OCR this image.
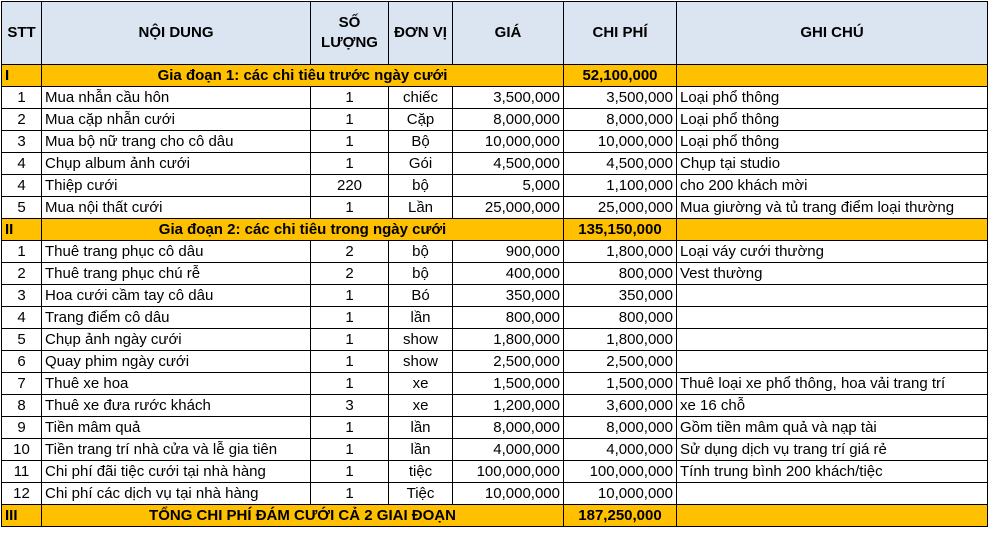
STT	NỘI DUNG	SỐ LƯỢNG	ĐƠN VỊ	GIÁ	CHI PHÍ	GHI CHÚ
I	Gia đoạn 1: các chi tiêu trước ngày cưới				52,100,000	
1	Mua nhẫn cầu hôn	1	chiếc	3,500,000	3,500,000	Loại phổ thông
2	Mua cặp nhẫn cưới	1	Cặp	8,000,000	8,000,000	Loại phổ thông
3	Mua bộ nữ trang cho cô dâu	1	Bộ	10,000,000	10,000,000	Loại phổ thông
4	Chụp album ảnh cưới	1	Gói	4,500,000	4,500,000	Chụp tại studio
4	Thiệp cưới	220	bộ	5,000	1,100,000	cho 200 khách mời
5	Mua nội thất cưới	1	Lần	25,000,000	25,000,000	Mua giường và tủ trang điểm loại thường
II	Gia đoạn 2: các chi tiêu trong ngày cưới				135,150,000	
1	Thuê trang phục cô dâu	2	bộ	900,000	1,800,000	Loại váy cưới thường
2	Thuê trang phục chú rễ	2	bộ	400,000	800,000	Vest thường
3	Hoa cưới cầm tay cô dâu	1	Bó	350,000	350,000	
4	Trang điểm cô dâu	1	lần	800,000	800,000	
5	Chụp ảnh ngày cưới	1	show	1,800,000	1,800,000	
6	Quay phim ngày cưới	1	show	2,500,000	2,500,000	
7	Thuê xe hoa	1	xe	1,500,000	1,500,000	Thuê loại xe phổ thông, hoa vải trang trí
8	Thuê xe đưa rước khách	3	xe	1,200,000	3,600,000	xe 16 chỗ
9	Tiền mâm quả	1	lần	8,000,000	8,000,000	Gồm tiền mâm quả và nạp tài
10	Tiền trang trí nhà cửa và lễ gia tiên	1	lần	4,000,000	4,000,000	Sử dụng dịch vụ trang trí giá rẻ
11	Chi phí đãi tiệc cưới tại nhà hàng	1	tiệc	100,000,000	100,000,000	Tính trung bình 200 khách/tiệc
12	Chi phí các dịch vụ tại nhà hàng	1	Tiệc	10,000,000	10,000,000	
III	TỔNG CHI PHÍ ĐÁM CƯỚI CẢ 2 GIAI ĐOẠN				187,250,000	
